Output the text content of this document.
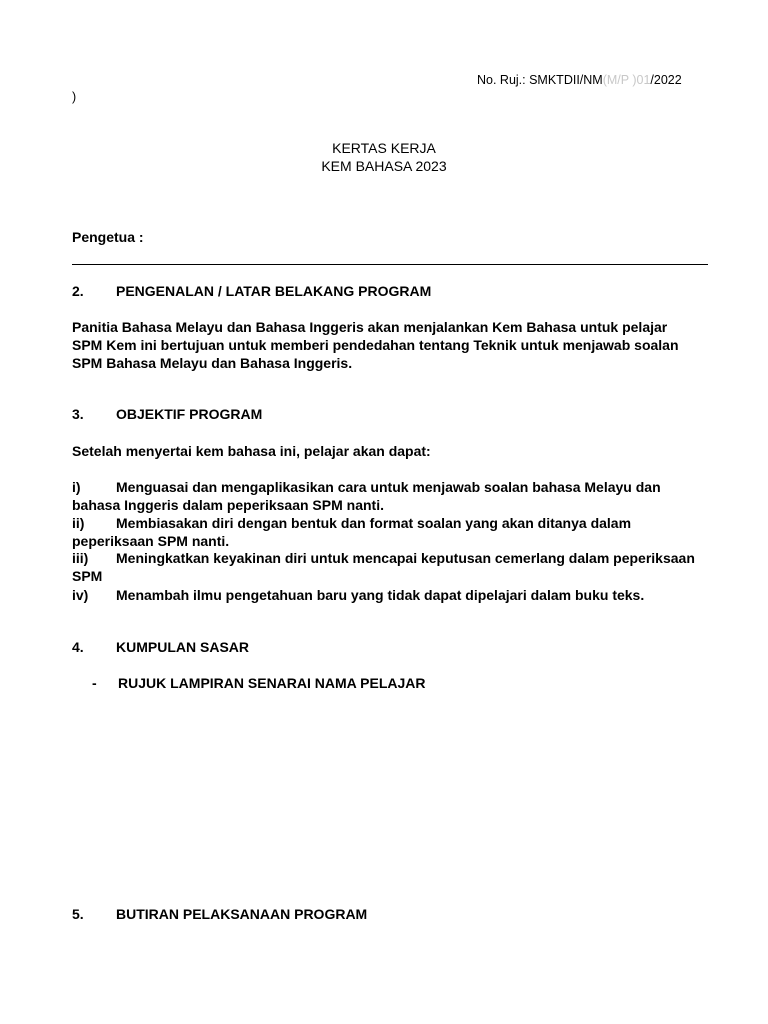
No. Ruj.: SMKTDII/NM(M/P )01/2022
)
KERTAS KERJA
KEM BAHASA 2023
Pengetua :
2. PENGENALAN / LATAR BELAKANG PROGRAM
Panitia Bahasa Melayu dan Bahasa Inggeris akan menjalankan Kem Bahasa untuk pelajar SPM Kem ini bertujuan untuk memberi pendedahan tentang Teknik untuk menjawab soalan SPM Bahasa Melayu dan Bahasa Inggeris.
3. OBJEKTIF PROGRAM
Setelah menyertai kem bahasa ini, pelajar akan dapat:
i)	Menguasai dan mengaplikasikan cara untuk menjawab soalan bahasa Melayu dan bahasa Inggeris dalam peperiksaan SPM nanti.
ii) Membiasakan diri dengan bentuk dan format soalan yang akan ditanya dalam peperiksaan SPM nanti.
iii) Meningkatkan keyakinan diri untuk mencapai keputusan cemerlang dalam peperiksaan SPM
iv) Menambah ilmu pengetahuan baru yang tidak dapat dipelajari dalam buku teks.
4. KUMPULAN SASAR
- RUJUK LAMPIRAN SENARAI NAMA PELAJAR
5. BUTIRAN PELAKSANAAN PROGRAM
